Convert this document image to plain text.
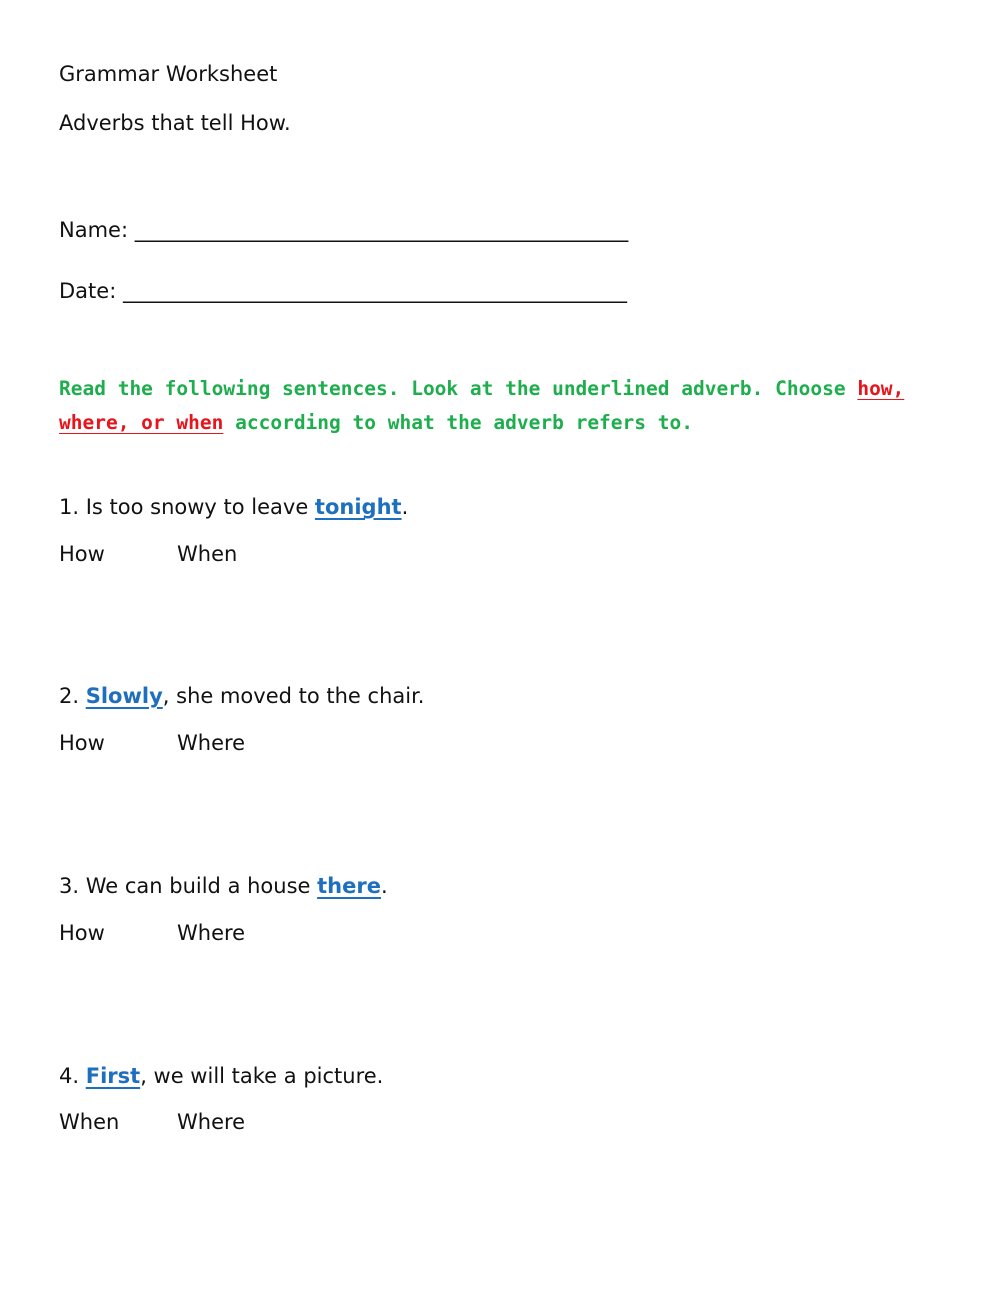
Grammar Worksheet
Adverbs that tell How.
Name: _______________________________________________
Date: ________________________________________________
Read the following sentences. Look at the underlined adverb. Choose how, where, or when according to what the adverb refers to.
1. Is too snowy to leave tonight.
How	When
2. Slowly, she moved to the chair.
How	Where
3. We can build a house there.
How	Where
4. First, we will take a picture.
When	Where
